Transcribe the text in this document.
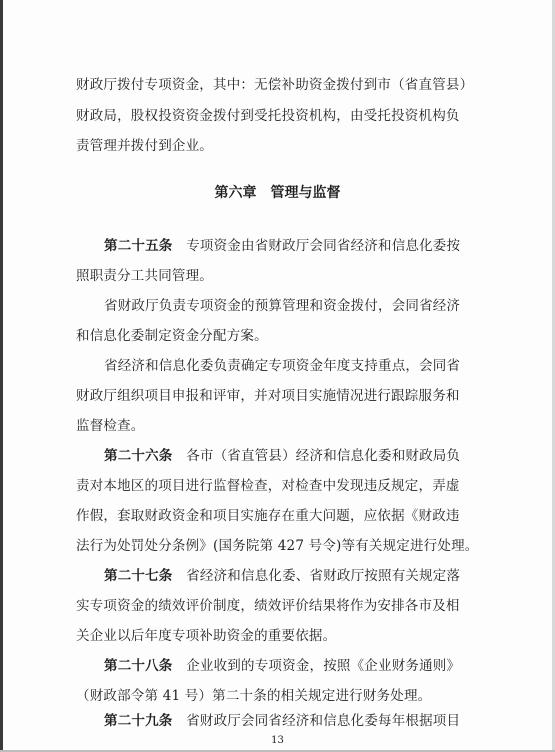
财政厅拨付专项资金，其中：无偿补助资金拨付到市（省直管县）
财政局，股权投资资金拨付到受托投资机构，由受托投资机构负
责管理并拨付到企业。
第六章　管理与监督
第二十五条　专项资金由省财政厅会同省经济和信息化委按
照职责分工共同管理。
省财政厅负责专项资金的预算管理和资金拨付，会同省经济
和信息化委制定资金分配方案。
省经济和信息化委负责确定专项资金年度支持重点，会同省
财政厅组织项目申报和评审，并对项目实施情况进行跟踪服务和
监督检查。
第二十六条　各市（省直管县）经济和信息化委和财政局负
责对本地区的项目进行监督检查，对检查中发现违反规定，弄虚
作假，套取财政资金和项目实施存在重大问题，应依据《财政违
法行为处罚处分条例》(国务院第 427 号令)等有关规定进行处理。
第二十七条　省经济和信息化委、省财政厅按照有关规定落
实专项资金的绩效评价制度，绩效评价结果将作为安排各市及相
关企业以后年度专项补助资金的重要依据。
第二十八条　企业收到的专项资金，按照《企业财务通则》
（财政部令第 41 号）第二十条的相关规定进行财务处理。
第二十九条　省财政厅会同省经济和信息化委每年根据项目
13
